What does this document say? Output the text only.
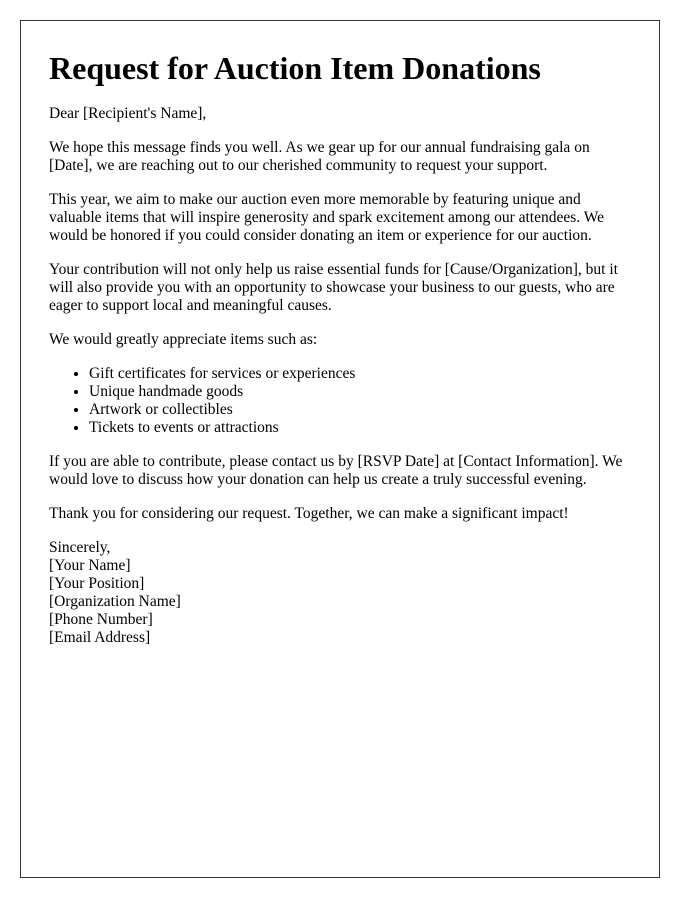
Request for Auction Item Donations

Dear [Recipient's Name],

We hope this message finds you well. As we gear up for our annual fundraising gala on [Date], we are reaching out to our cherished community to request your support.

This year, we aim to make our auction even more memorable by featuring unique and valuable items that will inspire generosity and spark excitement among our attendees. We would be honored if you could consider donating an item or experience for our auction.

Your contribution will not only help us raise essential funds for [Cause/Organization], but it will also provide you with an opportunity to showcase your business to our guests, who are eager to support local and meaningful causes.

We would greatly appreciate items such as:

• Gift certificates for services or experiences
• Unique handmade goods
• Artwork or collectibles
• Tickets to events or attractions

If you are able to contribute, please contact us by [RSVP Date] at [Contact Information]. We would love to discuss how your donation can help us create a truly successful evening.

Thank you for considering our request. Together, we can make a significant impact!

Sincerely,
[Your Name]
[Your Position]
[Organization Name]
[Phone Number]
[Email Address]
